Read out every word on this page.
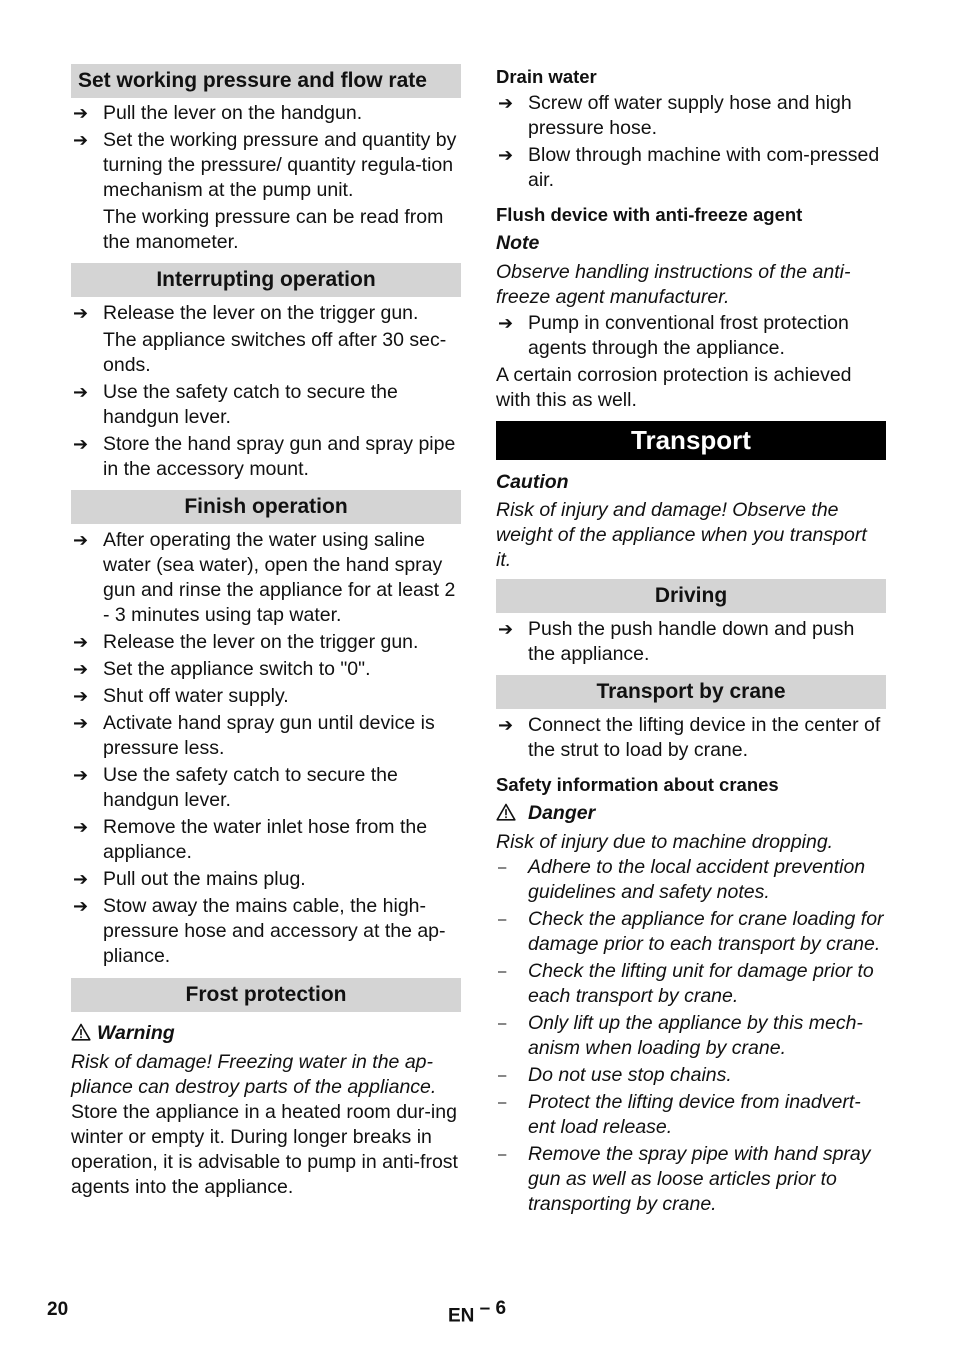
Set working pressure and flow rate
➔ Pull the lever on the handgun.
➔ Set the working pressure and quantity by turning the pressure/ quantity regula-tion mechanism at the pump unit.
The working pressure can be read from the manometer.
Interrupting operation
➔ Release the lever on the trigger gun.
The appliance switches off after 30 sec-onds.
➔ Use the safety catch to secure the handgun lever.
➔ Store the hand spray gun and spray pipe in the accessory mount.
Finish operation
➔ After operating the water using saline water (sea water), open the hand spray gun and rinse the appliance for at least 2 - 3 minutes using tap water.
➔ Release the lever on the trigger gun.
➔ Set the appliance switch to "0".
➔ Shut off water supply.
➔ Activate hand spray gun until device is pressure less.
➔ Use the safety catch to secure the handgun lever.
➔ Remove the water inlet hose from the appliance.
➔ Pull out the mains plug.
➔ Stow away the mains cable, the high-pressure hose and accessory at the ap-pliance.
Frost protection
Warning
Risk of damage! Freezing water in the ap-pliance can destroy parts of the appliance.
Store the appliance in a heated room dur-ing winter or empty it. During longer breaks in operation, it is advisable to pump in anti-frost agents into the appliance.
Drain water
➔ Screw off water supply hose and high pressure hose.
➔ Blow through machine with com-pressed air.
Flush device with anti-freeze agent
Note
Observe handling instructions of the anti-freeze agent manufacturer.
➔ Pump in conventional frost protection agents through the appliance.
A certain corrosion protection is achieved with this as well.
Transport
Caution
Risk of injury and damage! Observe the weight of the appliance when you transport it.
Driving
➔ Push the push handle down and push the appliance.
Transport by crane
➔ Connect the lifting device in the center of the strut to load by crane.
Safety information about cranes
Danger
Risk of injury due to machine dropping.
– Adhere to the local accident prevention guidelines and safety notes.
– Check the appliance for crane loading for damage prior to each transport by crane.
– Check the lifting unit for damage prior to each transport by crane.
– Only lift up the appliance by this mech-anism when loading by crane.
– Do not use stop chains.
– Protect the lifting device from inadvert-ent load release.
– Remove the spray pipe with hand spray gun as well as loose articles prior to transporting by crane.
20	EN $^{- 6}$
